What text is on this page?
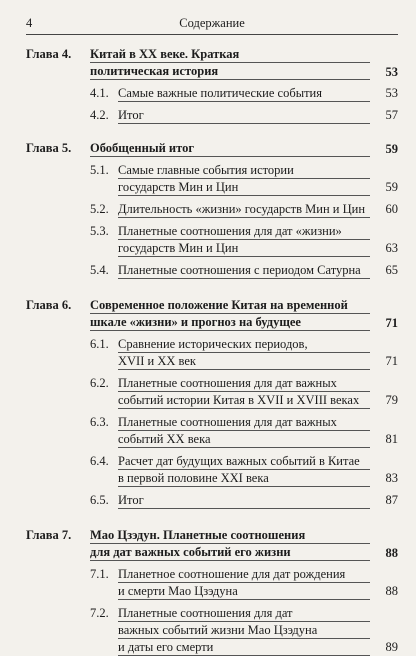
4	Содержание
Глава 4. Китай в XX веке. Краткая
политическая история	53
4.1. Самые важные политические события	53
4.2. Итог	57
Глава 5. Обобщенный итог	59
5.1. Самые главные события истории
государств Мин и Цин	59
5.2. Длительность «жизни» государств Мин и Цин	60
5.3. Планетные соотношения для дат «жизни»
государств Мин и Цин	63
5.4. Планетные соотношения с периодом Сатурна	65
Глава 6. Современное положение Китая на временной
шкале «жизни» и прогноз на будущее	71
6.1. Сравнение исторических периодов,
XVII и XX век	71
6.2. Планетные соотношения для дат важных
событий истории Китая в XVII и XVIII веках	79
6.3. Планетные соотношения для дат важных
событий XX века	81
6.4. Расчет дат будущих важных событий в Китае
в первой половине XXI века	83
6.5. Итог	87
Глава 7. Мао Цзэдун. Планетные соотношения
для дат важных событий его жизни	88
7.1. Планетное соотношение для дат рождения
и смерти Мао Цзэдуна	88
7.2. Планетные соотношения для дат
важных событий жизни Мао Цзэдуна
и даты его смерти	89
